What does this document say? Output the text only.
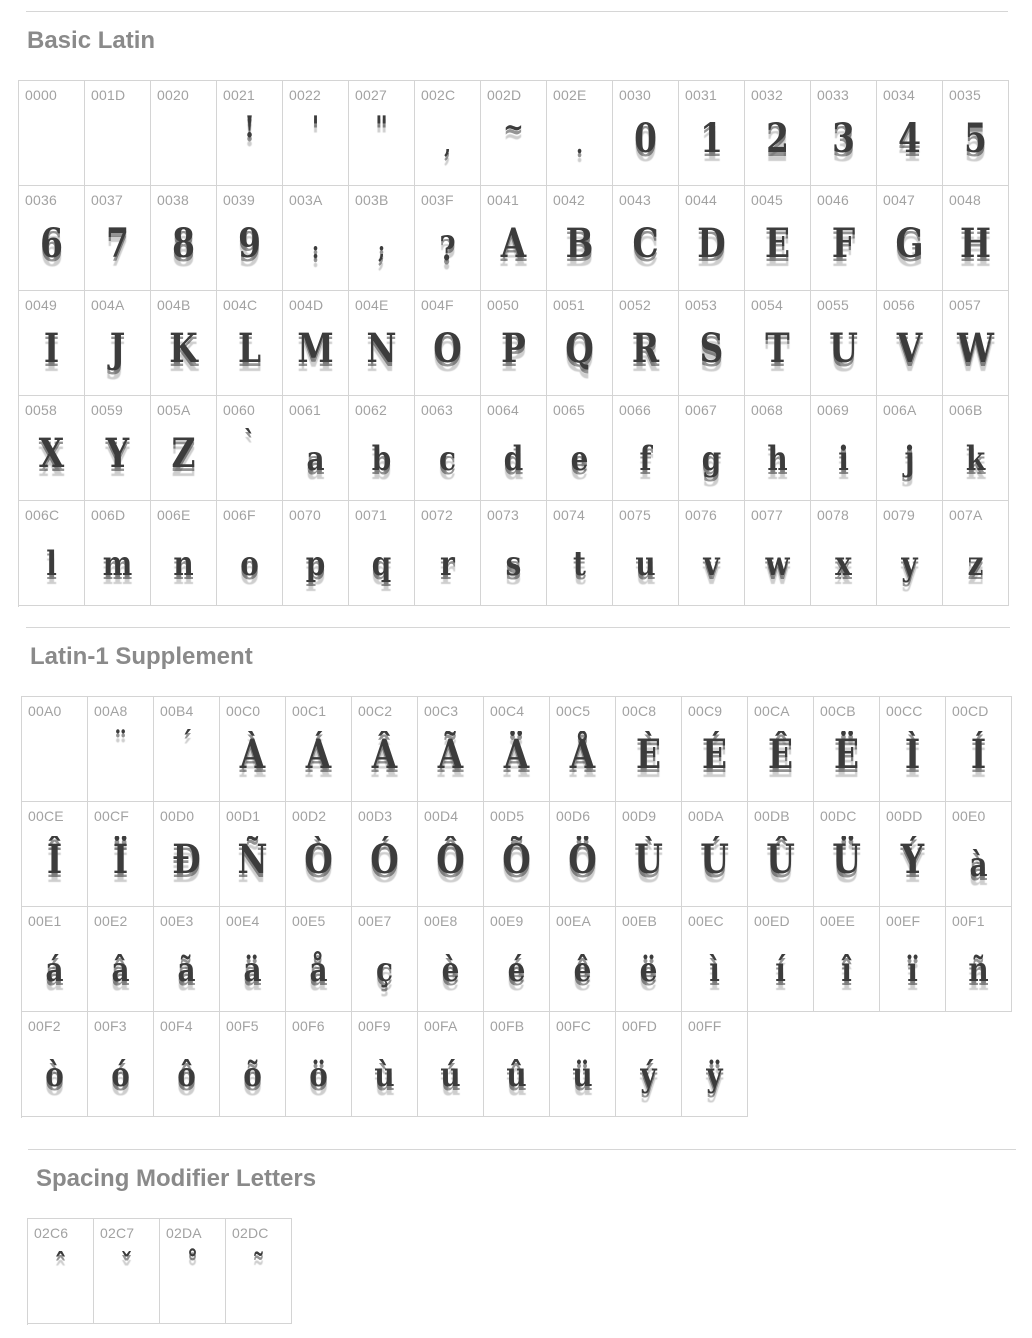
Basic Latin
0000 001D 0020 0021
!
0022
'
0027
"
002C
,
002D
~
002E
.
0030
0
0031
1
0032
2
0033
3
0034
4
0035
5
0036
6
0037
7
0038
8
0039
9
003A
:
003B
;
003F
?
0041
A
0042
B
0043
C
0044
D
0045
E
0046
F
0047
G
0048
H
0049
I
004A
J
004B
K
004C
L
004D
M
004E
N
004F
O
0050
P
0051
Q
0052
R
0053
S
0054
T
0055
U
0056
V
0057
W
0058
X
0059
Y
005A
Z
0060
`
0061
a
0062
b
0063
c
0064
d
0065
e
0066
f
0067
g
0068
h
0069
i
006A
j
006B
k
006C
l
006D
m
006E
n
006F
o
0070
p
0071
q
0072
r
0073
s
0074
t
0075
u
0076
v
0077
w
0078
x
0079
y
007A
z
Latin-1 Supplement
00A0 00A8
¨
00B4
´
00C0
À
00C1
Á
00C2
Â
00C3
Ã
00C4
Ä
00C5
Å
00C8
È
00C9
É
00CA
Ê
00CB
Ë
00CC
Ì
00CD
Í
00CE
Î
00CF
Ï
00D0
Ð
00D1
Ñ
00D2
Ò
00D3
Ó
00D4
Ô
00D5
Õ
00D6
Ö
00D9
Ù
00DA
Ú
00DB
Û
00DC
Ü
00DD
Ý
00E0
à
00E1
á
00E2
â
00E3
ã
00E4
ä
00E5
å
00E7
ç
00E8
è
00E9
é
00EA
ê
00EB
ë
00EC
ì
00ED
í
00EE
î
00EF
ï
00F1
ñ
00F2
ò
00F3
ó
00F4
ô
00F5
õ
00F6
ö
00F9
ù
00FA
ú
00FB
û
00FC
ü
00FD
ý
00FF
ÿ
Spacing Modifier Letters
02C6
ˆ
02C7
ˇ
02DA
˚
02DC
˜
